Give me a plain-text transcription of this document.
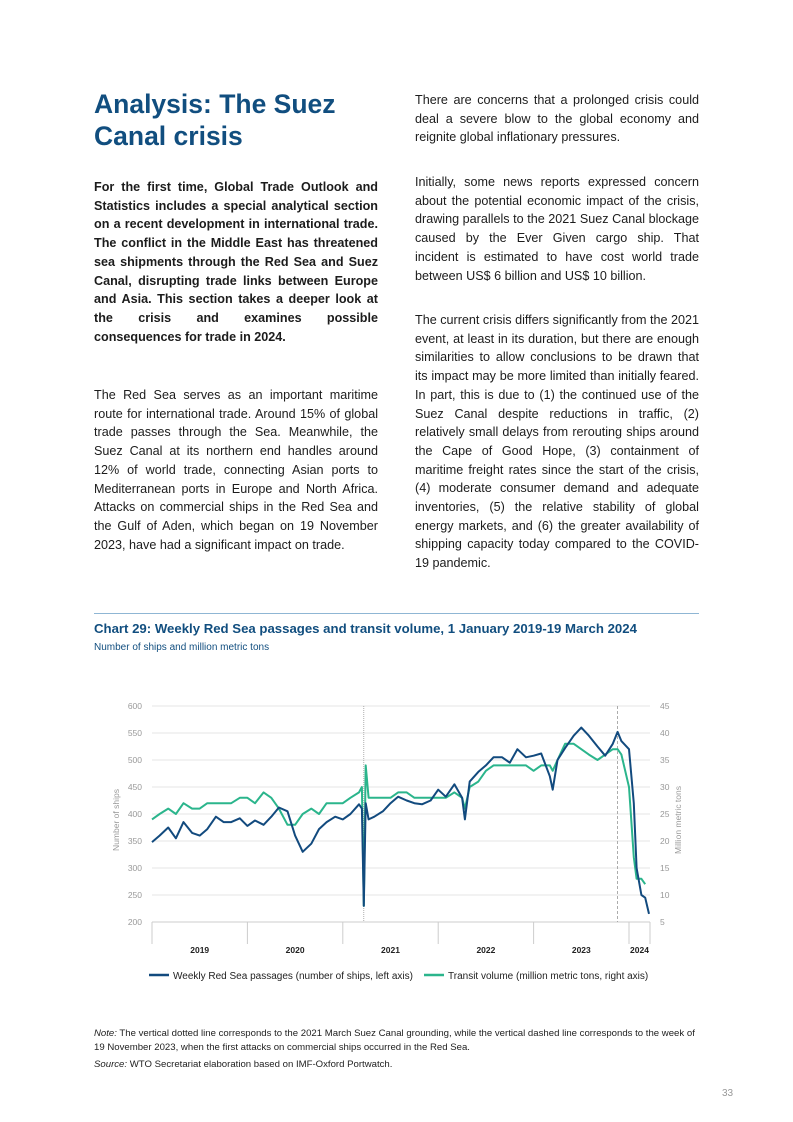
Analysis: The Suez Canal crisis

For the first time, Global Trade Outlook and Statistics includes a special analytical section on a recent development in international trade. The conflict in the Middle East has threatened sea shipments through the Red Sea and Suez Canal, disrupting trade links between Europe and Asia. This section takes a deeper look at the crisis and examines possible consequences for trade in 2024.

The Red Sea serves as an important maritime route for international trade. Around 15% of global trade passes through the Sea. Meanwhile, the Suez Canal at its northern end handles around 12% of world trade, connecting Asian ports to Mediterranean ports in Europe and North Africa. Attacks on commercial ships in the Red Sea and the Gulf of Aden, which began on 19 November 2023, have had a significant impact on trade.

There are concerns that a prolonged crisis could deal a severe blow to the global economy and reignite global inflationary pressures.

Initially, some news reports expressed concern about the potential economic impact of the crisis, drawing parallels to the 2021 Suez Canal blockage caused by the Ever Given cargo ship. That incident is estimated to have cost world trade between US$ 6 billion and US$ 10 billion.

The current crisis differs significantly from the 2021 event, at least in its duration, but there are enough similarities to allow conclusions to be drawn that its impact may be more limited than initially feared. In part, this is due to (1) the continued use of the Suez Canal despite reductions in traffic, (2) relatively small delays from rerouting ships around the Cape of Good Hope, (3) containment of maritime freight rates since the start of the crisis, (4) moderate consumer demand and adequate inventories, (5) the relative stability of global energy markets, and (6) the greater availability of shipping capacity today compared to the COVID-19 pandemic.

Chart 29: Weekly Red Sea passages and transit volume, 1 January 2019-19 March 2024
Number of ships and million metric tons
600
550
500
450
400
350
300
250
200
45
40
35
30
25
20
15
10
5
2019	2020	2021	2022	2023	2024
Number of ships	Million metric tons
Weekly Red Sea passages (number of ships, left axis)	Transit volume (million metric tons, right axis)
Note: The vertical dotted line corresponds to the 2021 March Suez Canal grounding, while the vertical dashed line corresponds to the week of 19 November 2023, when the first attacks on commercial ships occurred in the Red Sea.
Source: WTO Secretariat elaboration based on IMF-Oxford Portwatch.
33
